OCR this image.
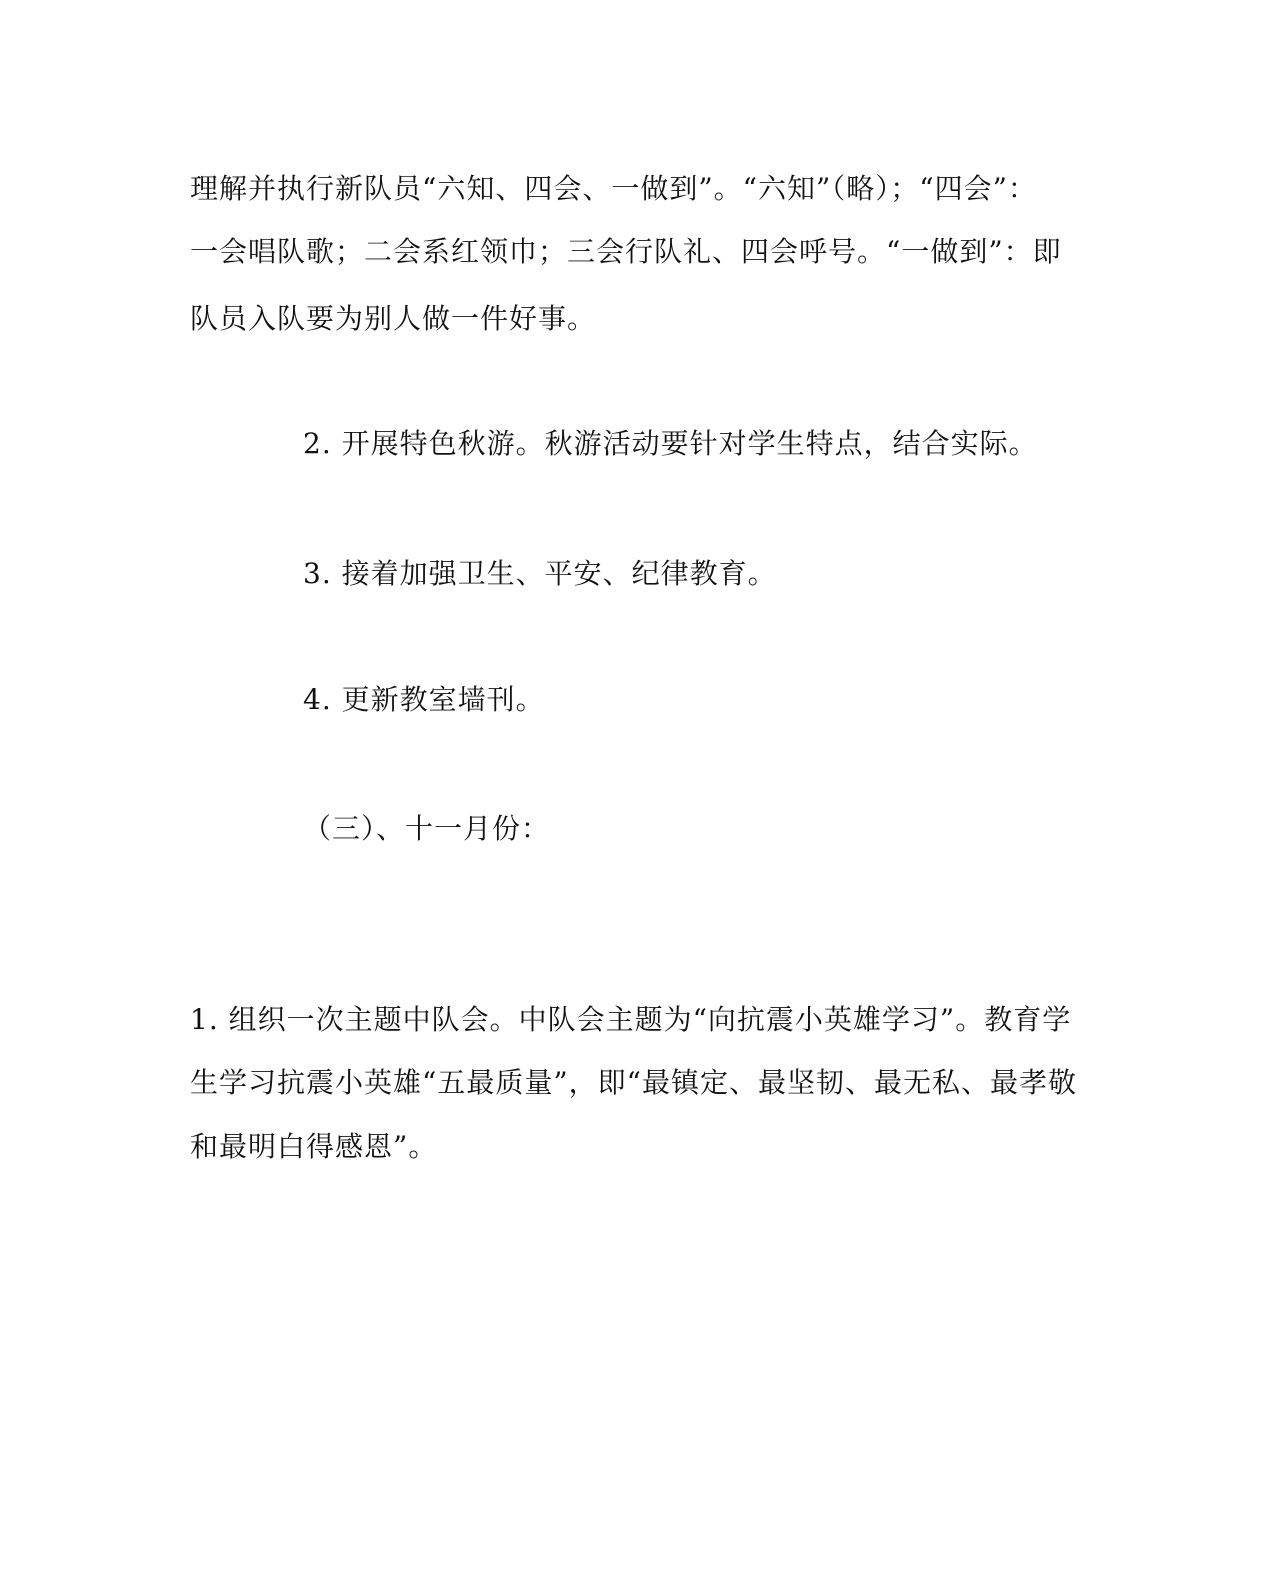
理解并执行新队员“六知、四会、一做到”。“六知”（略）；“四会”：
一会唱队歌；二会系红领巾；三会行队礼、四会呼号。“一做到”：即
队员入队要为别人做一件好事。
2. 开展特色秋游。秋游活动要针对学生特点，结合实际。
3. 接着加强卫生、平安、纪律教育。
4. 更新教室墙刊。
（三）、十一月份：
1. 组织一次主题中队会。中队会主题为“向抗震小英雄学习”。教育学
生学习抗震小英雄“五最质量”，即“最镇定、最坚韧、最无私、最孝敬
和最明白得感恩”。
